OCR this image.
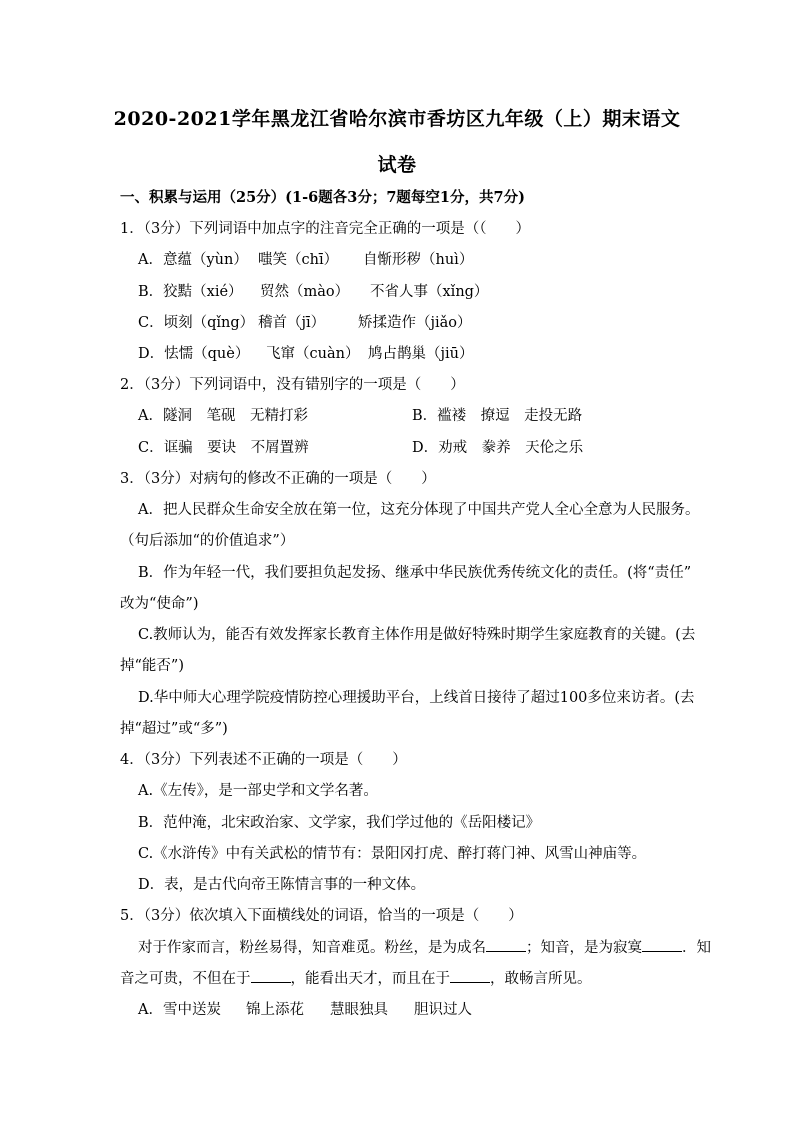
2020-2021学年黑龙江省哈尔滨市香坊区九年级（上）期末语文
试卷
一、积累与运用（25分）(1-6题各3分；7题每空1分，共7分)
1．（3分）下列词语中加点字的注音完全正确的一项是（（　　）
A．意蕴（yùn） 嗤笑（chī） 自惭形秽（huì）
B．狡黠（xié） 贸然（mào） 不省人事（xǐng）
C．顷刻（qǐng） 稽首（jī） 矫揉造作（jiǎo）
D．怯懦（què） 飞窜（cuàn） 鸠占鹊巢（jiū）
2．（3分）下列词语中，没有错别字的一项是（　　）
A．隧洞　笔砚　无精打彩	B．褴褛　撩逗　走投无路
C．诓骗　要诀　不屑置辨	D．劝戒　豢养　天伦之乐
3．（3分）对病句的修改不正确的一项是（　　）
A．把人民群众生命安全放在第一位，这充分体现了中国共产党人全心全意为人民服务。
（句后添加“的价值追求”）
B．作为年轻一代，我们要担负起发扬、继承中华民族优秀传统文化的责任。(将“责任”
改为“使命”)
C.教师认为，能否有效发挥家长教育主体作用是做好特殊时期学生家庭教育的关键。(去
掉“能否”)
D.华中师大心理学院疫情防控心理援助平台，上线首日接待了超过100多位来访者。(去
掉“超过”或“多”)
4．（3分）下列表述不正确的一项是（　　）
A.《左传》，是一部史学和文学名著。
B．范仲淹，北宋政治家、文学家，我们学过他的《岳阳楼记》
C.《水浒传》中有关武松的情节有：景阳冈打虎、醉打蒋门神、风雪山神庙等。
D．表，是古代向帝王陈情言事的一种文体。
5．（3分）依次填入下面横线处的词语，恰当的一项是（　　）
对于作家而言，粉丝易得，知音难觅。粉丝，是为成名	；知音，是为寂寞	．知
音之可贵，不但在于	，能看出天才，而且在于	，敢畅言所见。
A．雪中送炭 锦上添花 慧眼独具 胆识过人
